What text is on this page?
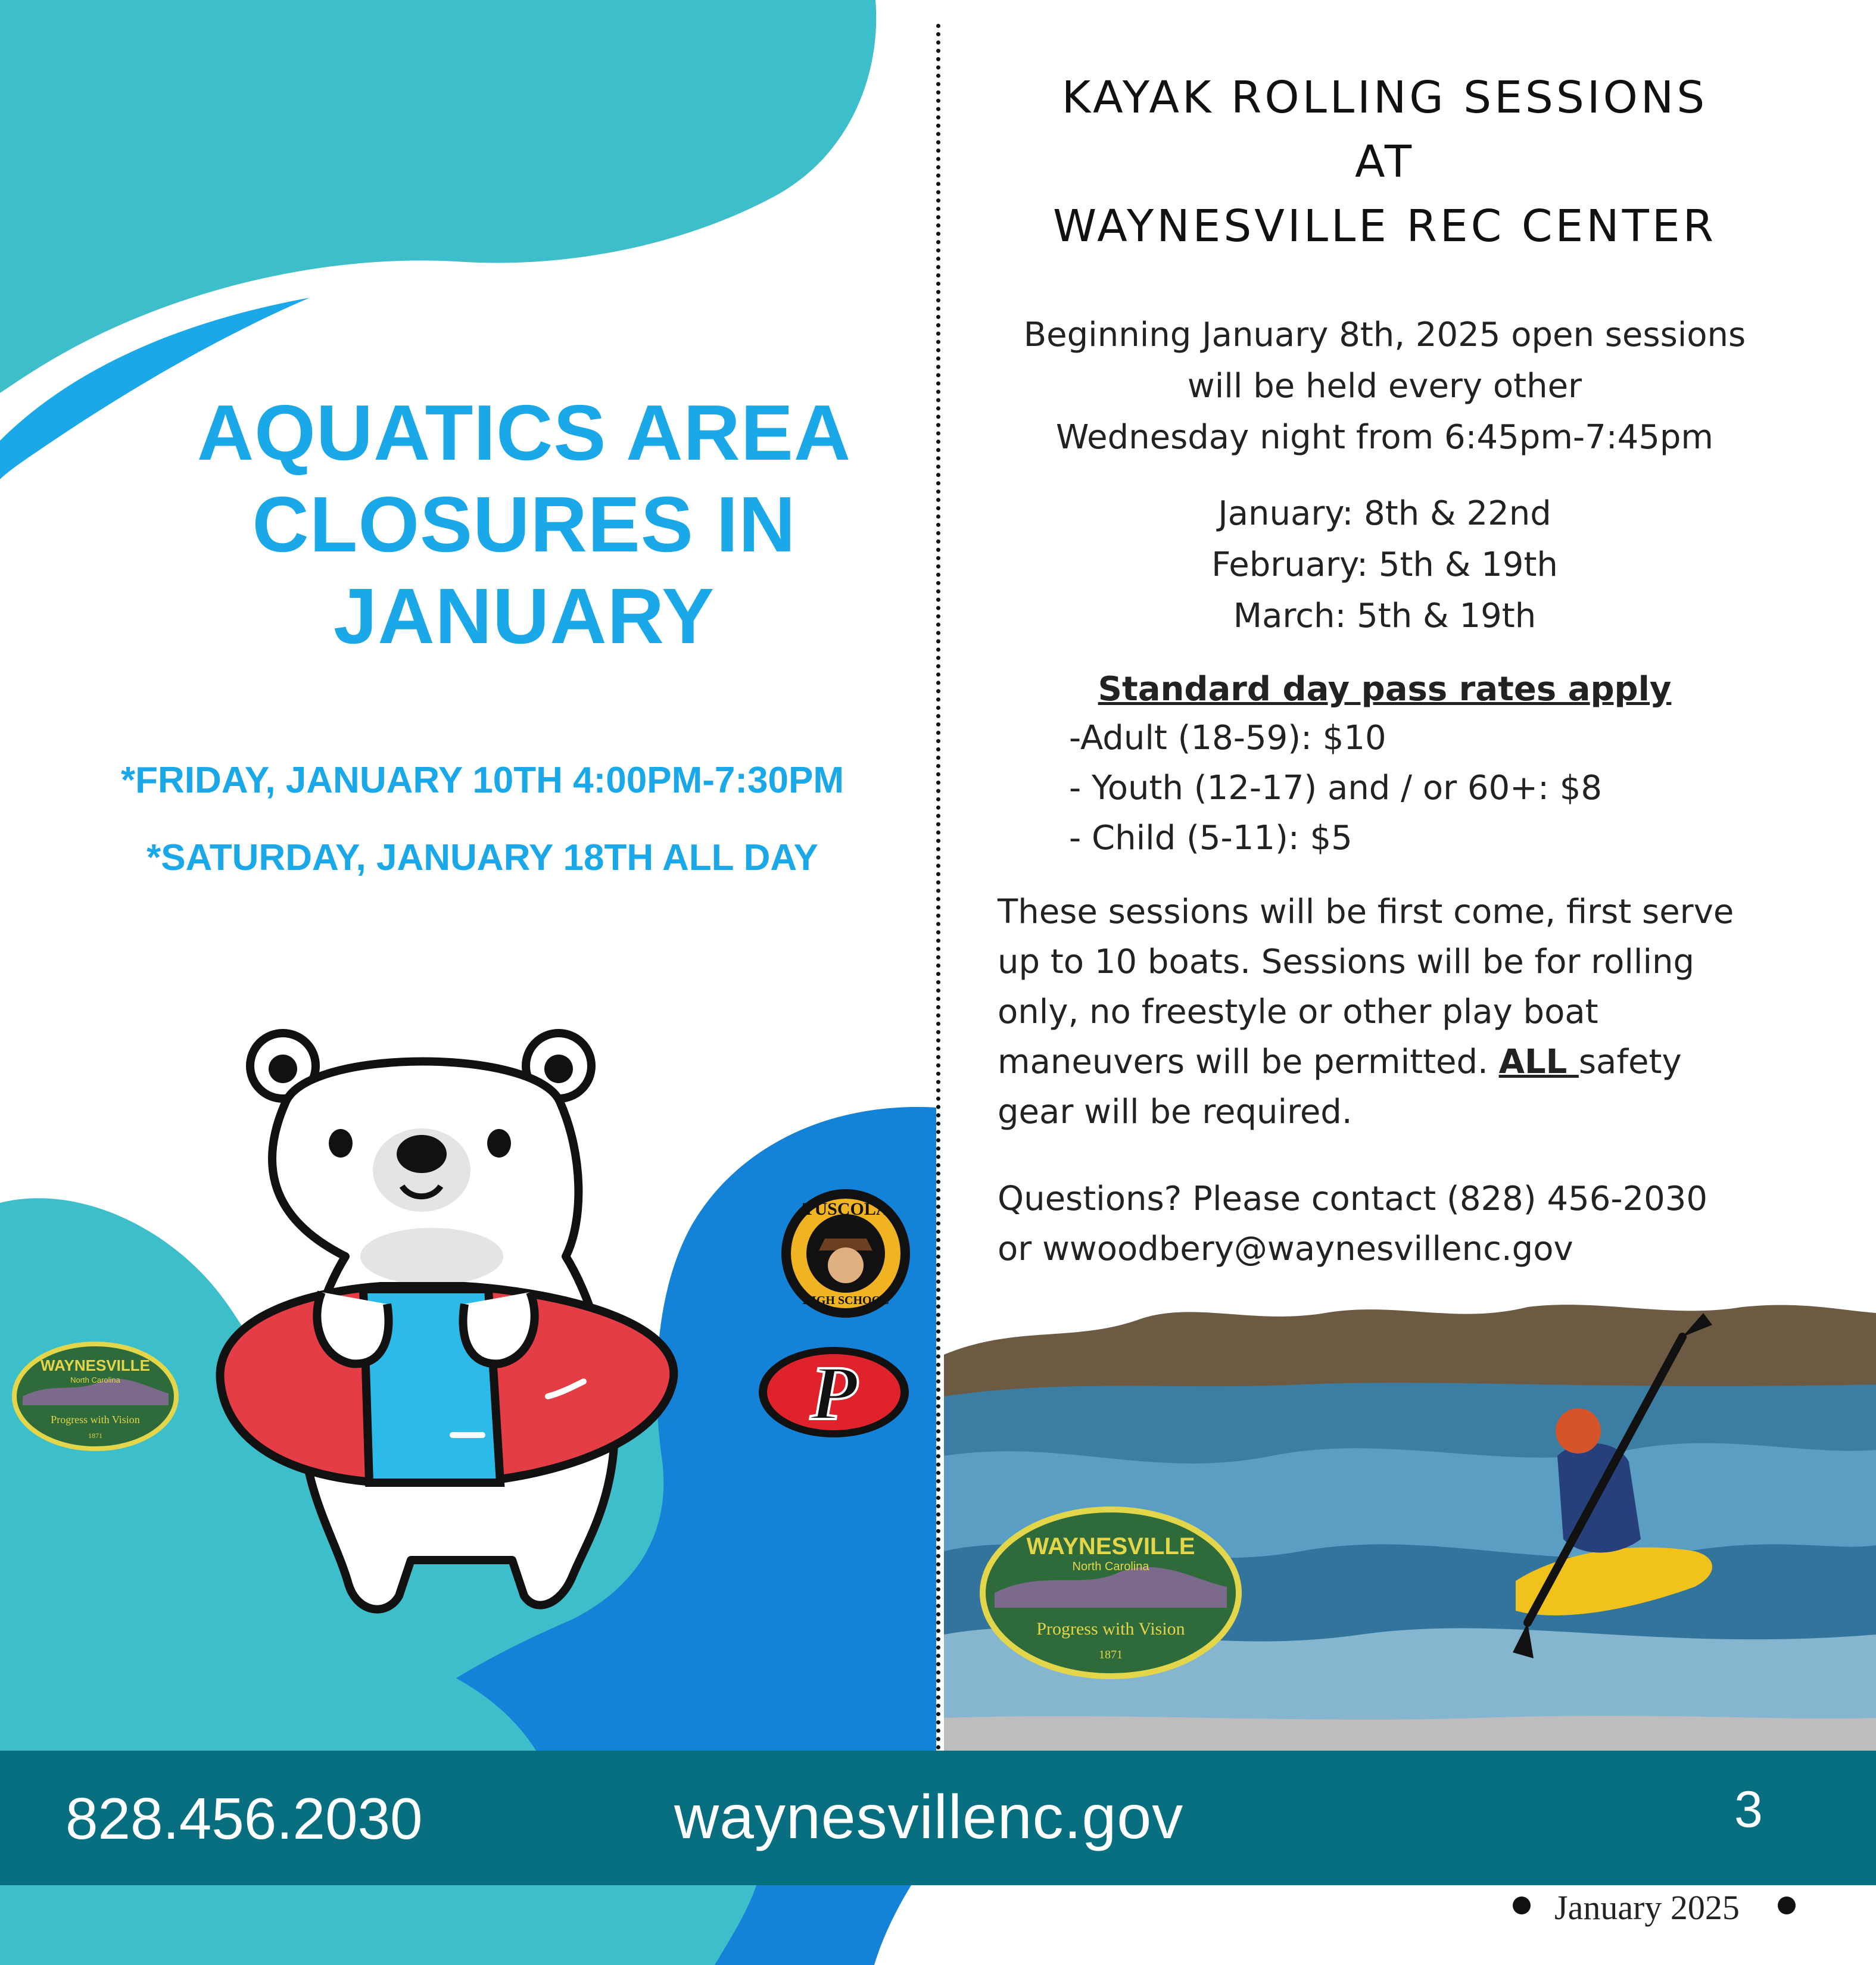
AQUATICS AREA
CLOSURES IN
JANUARY
*FRIDAY, JANUARY 10TH 4:00PM-7:30PM
*SATURDAY, JANUARY 18TH ALL DAY
WAYNESVILLE
North Carolina
Progress with Vision
1871
TUSCOLA
HIGH SCHOOL
P
KAYAK ROLLING SESSIONS
AT
WAYNESVILLE REC CENTER
Beginning January 8th, 2025 open sessions
will be held every other
Wednesday night from 6:45pm-7:45pm
January: 8th & 22nd
February: 5th & 19th
March: 5th & 19th
Standard day pass rates apply
-Adult (18-59): $10
- Youth (12-17) and / or 60+: $8
- Child (5-11): $5
These sessions will be first come, first serve
up to 10 boats. Sessions will be for rolling
only, no freestyle or other play boat
maneuvers will be permitted. ALL safety
gear will be required.
Questions? Please contact (828) 456-2030
or wwoodbery@waynesvillenc.gov
WAYNESVILLE
North Carolina
Progress with Vision
1871
828.456.2030	waynesvillenc.gov	3
January 2025
